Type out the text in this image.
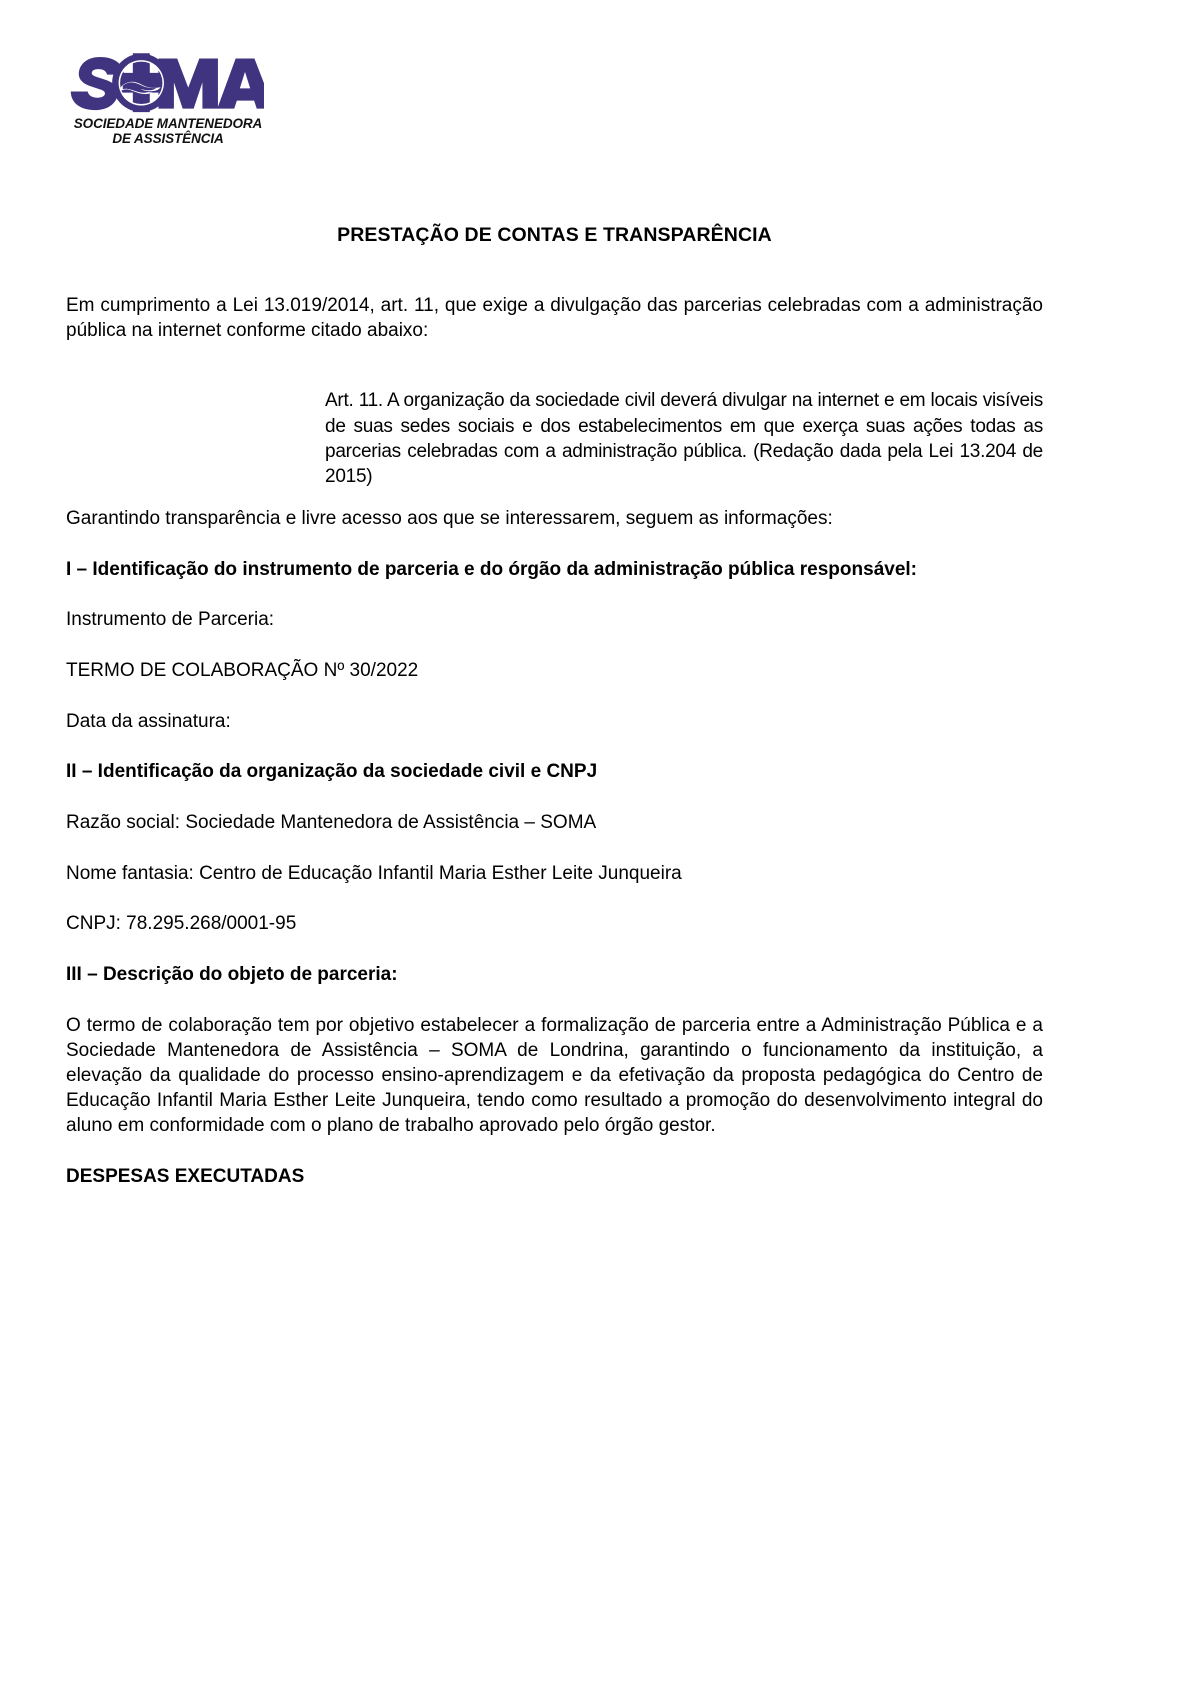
SOCIEDADE MANTENEDORA
DE ASSISTÊNCIA
PRESTAÇÃO DE CONTAS E TRANSPARÊNCIA

Em cumprimento a Lei 13.019/2014, art. 11, que exige a divulgação das parcerias celebradas com a administração pública na internet conforme citado abaixo:

Art. 11. A organização da sociedade civil deverá divulgar na internet e em locais visíveis de suas sedes sociais e dos estabelecimentos em que exerça suas ações todas as parcerias celebradas com a administração pública. (Redação dada pela Lei 13.204 de 2015)

Garantindo transparência e livre acesso aos que se interessarem, seguem as informações:

I – Identificação do instrumento de parceria e do órgão da administração pública responsável:

Instrumento de Parceria:

TERMO DE COLABORAÇÃO Nº 30/2022

Data da assinatura:

II – Identificação da organização da sociedade civil e CNPJ

Razão social: Sociedade Mantenedora de Assistência – SOMA

Nome fantasia: Centro de Educação Infantil Maria Esther Leite Junqueira

CNPJ: 78.295.268/0001-95

III – Descrição do objeto de parceria:

O termo de colaboração tem por objetivo estabelecer a formalização de parceria entre a Administração Pública e a Sociedade Mantenedora de Assistência – SOMA de Londrina, garantindo o funcionamento da instituição, a elevação da qualidade do processo ensino-aprendizagem e da efetivação da proposta pedagógica do Centro de Educação Infantil Maria Esther Leite Junqueira, tendo como resultado a promoção do desenvolvimento integral do aluno em conformidade com o plano de trabalho aprovado pelo órgão gestor.

DESPESAS EXECUTADAS
